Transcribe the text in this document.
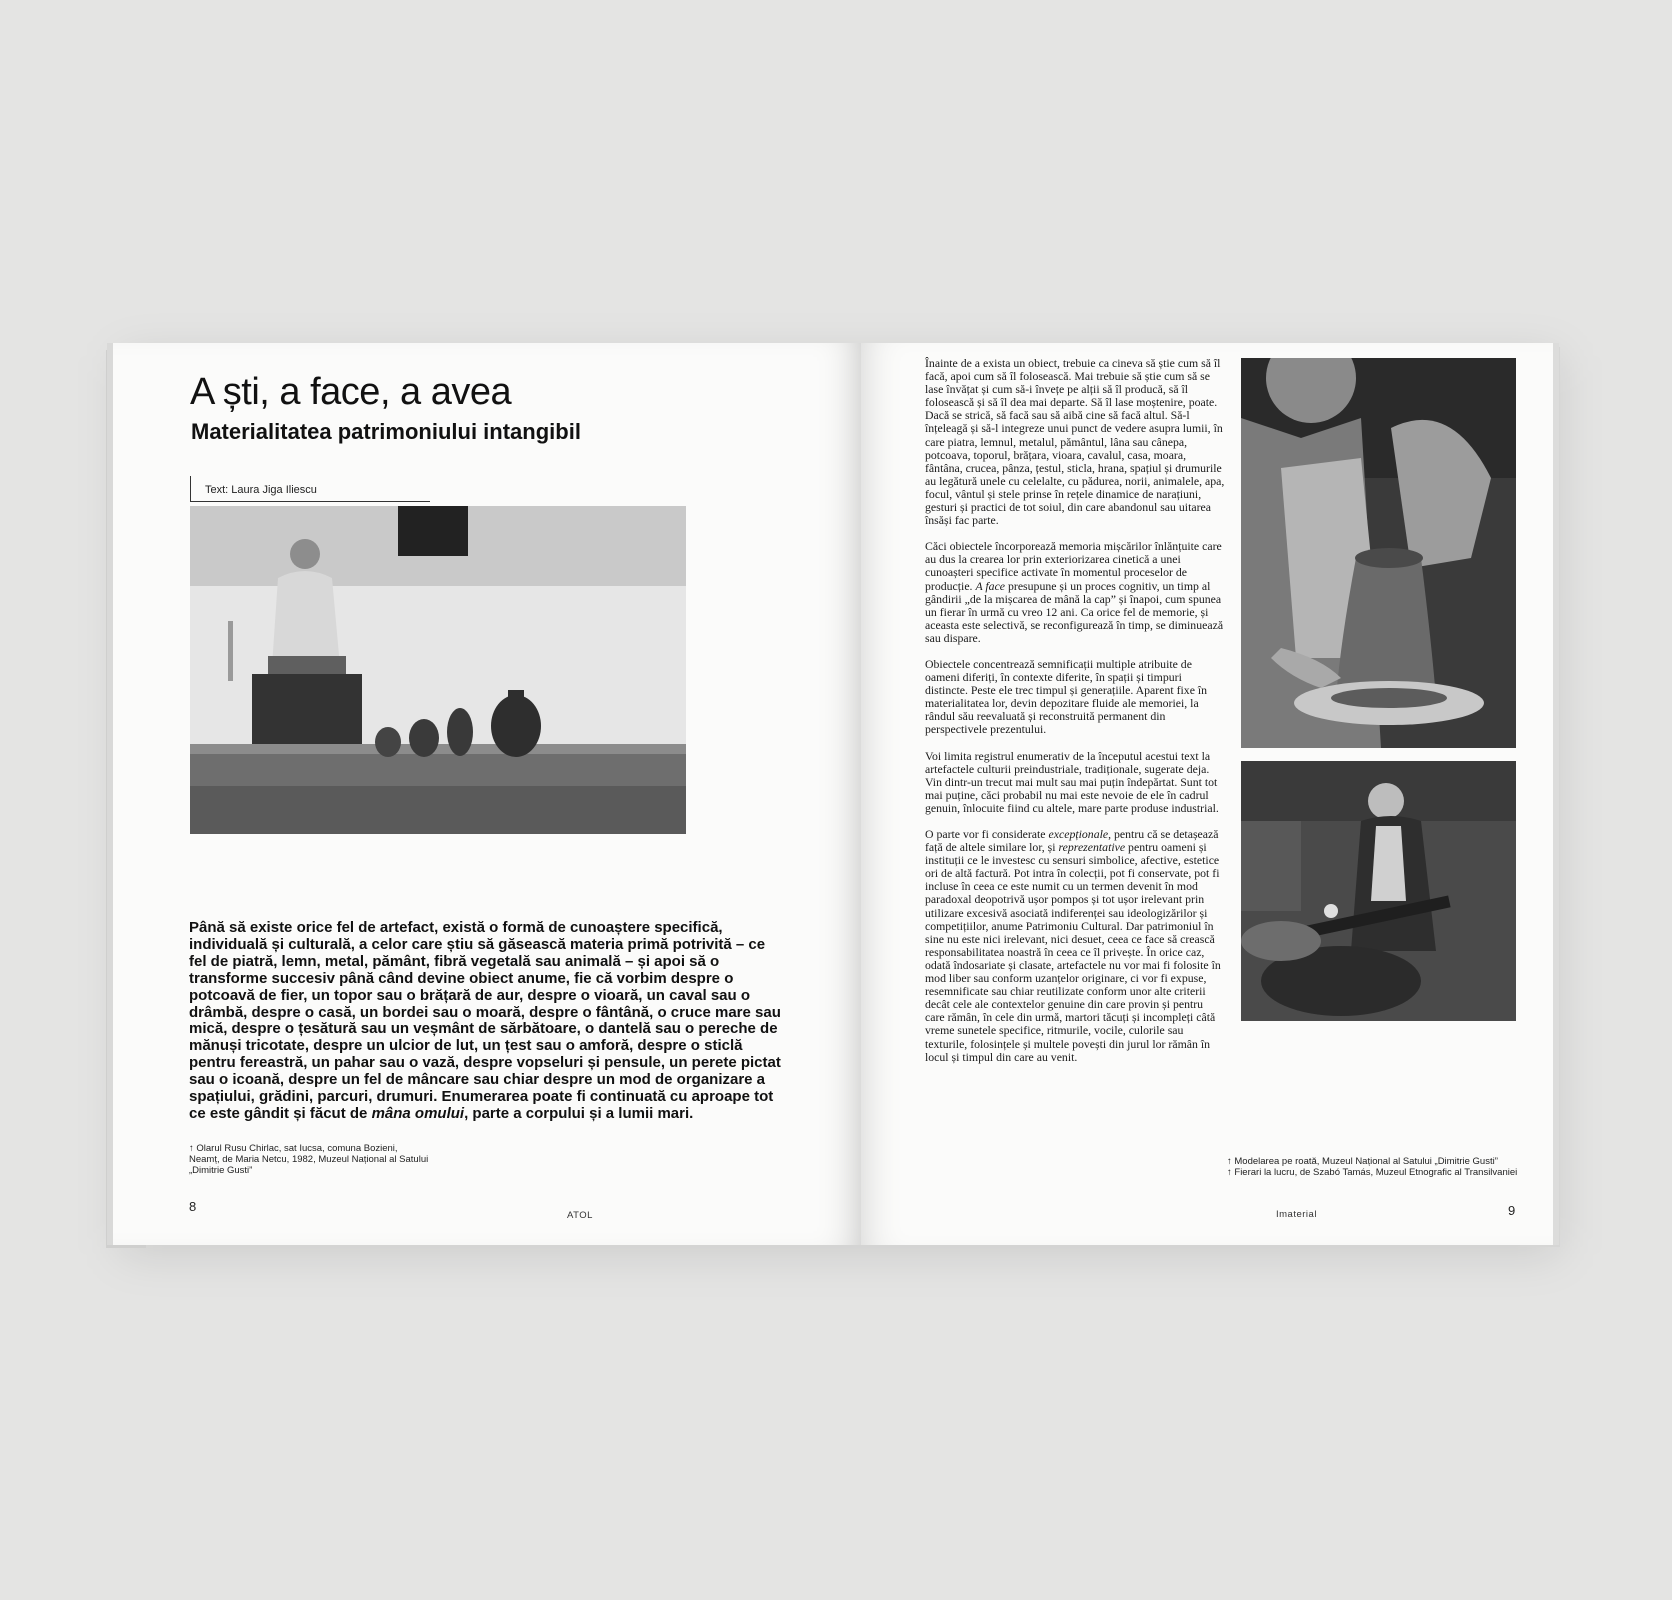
A ști, a face, a avea
Materialitatea patrimoniului intangibil
Text: Laura Jiga Iliescu

Până să existe orice fel de artefact, există o formă de cunoaștere specifică, individuală și culturală, a celor care știu să găsească materia primă potrivită – ce fel de piatră, lemn, metal, pământ, fibră vegetală sau animală – și apoi să o transforme succesiv până când devine obiect anume, fie că vorbim despre o potcoavă de fier, un topor sau o brățară de aur, despre o vioară, un caval sau o drâmbă, despre o casă, un bordei sau o moară, despre o fântână, o cruce mare sau mică, despre o țesătură sau un veșmânt de sărbătoare, o dantelă sau o pereche de mănuși tricotate, despre un ulcior de lut, un țest sau o amforă, despre o sticlă pentru fereastră, un pahar sau o vază, despre vopseluri și pensule, un perete pictat sau o icoană, despre un fel de mâncare sau chiar despre un mod de organizare a spațiului, grădini, parcuri, drumuri. Enumerarea poate fi continuată cu aproape tot ce este gândit și făcut de mâna omului, parte a corpului și a lumii mari.

↑ Olarul Rusu Chirlac, sat Iucsa, comuna Bozieni,
Neamț, de Maria Netcu, 1982, Muzeul Național al Satului
„Dimitrie Gusti”
8
ATOL

Înainte de a exista un obiect, trebuie ca cineva să știe cum să îl facă, apoi cum să îl folosească. Mai trebuie să știe cum să se lase învățat și cum să-i învețe pe alții să îl producă, să îl folosească și să îl dea mai departe. Să îl lase moștenire, poate. Dacă se strică, să facă sau să aibă cine să facă altul. Să-l înțeleagă și să-l integreze unui punct de vedere asupra lumii, în care piatra, lemnul, metalul, pământul, lâna sau cânepa, potcoava, toporul, brățara, vioara, cavalul, casa, moara, fântâna, crucea, pânza, țestul, sticla, hrana, spațiul și drumurile au legătură unele cu celelalte, cu pădurea, norii, animalele, apa, focul, vântul și stele prinse în rețele dinamice de narațiuni, gesturi și practici de tot soiul, din care abandonul sau uitarea însăși fac parte.

Căci obiectele încorporează memoria mișcărilor înlănțuite care au dus la crearea lor prin exteriorizarea cinetică a unei cunoașteri specifice activate în momentul proceselor de producție. A face presupune și un proces cognitiv, un timp al gândirii „de la mișcarea de mână la cap” și înapoi, cum spunea un fierar în urmă cu vreo 12 ani. Ca orice fel de memorie, și aceasta este selectivă, se reconfigurează în timp, se diminuează sau dispare.

Obiectele concentrează semnificații multiple atribuite de oameni diferiți, în contexte diferite, în spații și timpuri distincte. Peste ele trec timpul și generațiile. Aparent fixe în materialitatea lor, devin depozitare fluide ale memoriei, la rândul său reevaluată și reconstruită permanent din perspectivele prezentului.

Voi limita registrul enumerativ de la începutul acestui text la artefactele culturii preindustriale, tradiționale, sugerate deja. Vin dintr-un trecut mai mult sau mai puțin îndepărtat. Sunt tot mai puține, căci probabil nu mai este nevoie de ele în cadrul genuin, înlocuite fiind cu altele, mare parte produse industrial.

O parte vor fi considerate excepționale, pentru că se detașează față de altele similare lor, și reprezentative pentru oameni și instituții ce le investesc cu sensuri simbolice, afective, estetice ori de altă factură. Pot intra în colecții, pot fi conservate, pot fi incluse în ceea ce este numit cu un termen devenit în mod paradoxal deopotrivă ușor pompos și tot ușor irelevant prin utilizare excesivă asociată indiferenței sau ideologizărilor și competițiilor, anume Patrimoniu Cultural. Dar patrimoniul în sine nu este nici irelevant, nici desuet, ceea ce face să crească responsabilitatea noastră în ceea ce îl privește. În orice caz, odată îndosariate și clasate, artefactele nu vor mai fi folosite în mod liber sau conform uzanțelor originare, ci vor fi expuse, resemnificate sau chiar reutilizate conform unor alte criterii decât cele ale contextelor genuine din care provin și pentru care rămân, în cele din urmă, martori tăcuți și incompleți câtă vreme sunetele specifice, ritmurile, vocile, culorile sau texturile, folosințele și multele povești din jurul lor rămân în locul și timpul din care au venit.

↑ Modelarea pe roată, Muzeul Național al Satului „Dimitrie Gusti”
↑ Fierari la lucru, de Szabó Tamás, Muzeul Etnografic al Transilvaniei
Imaterial	9
